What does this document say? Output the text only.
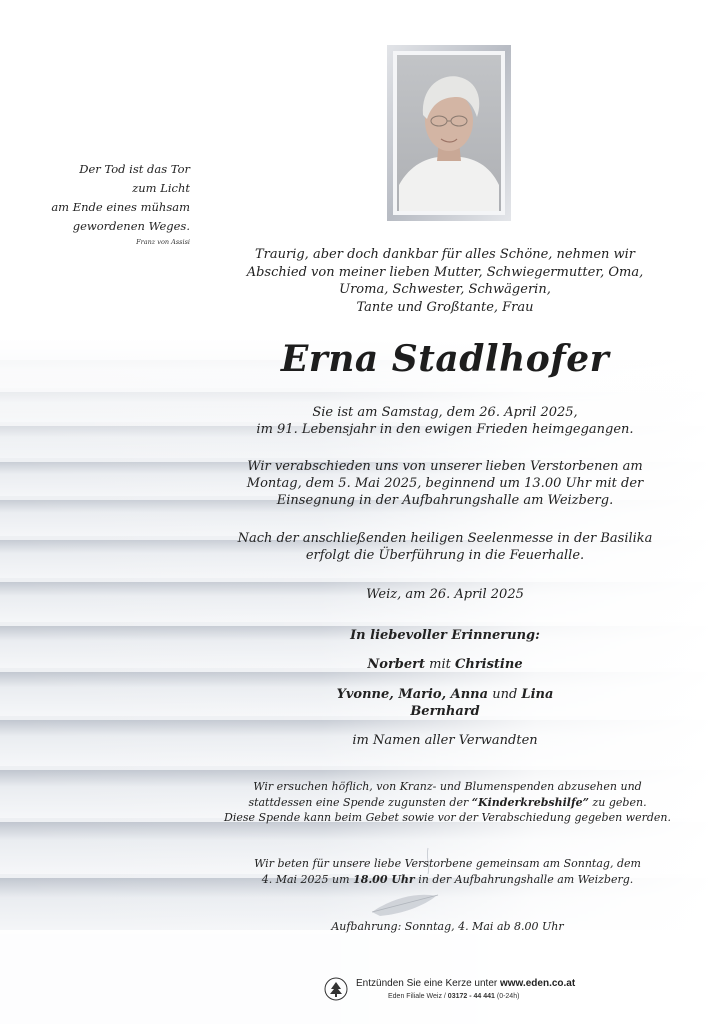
Der Tod ist das Tor
zum Licht
am Ende eines mühsam
gewordenen Weges.
Franz von Assisi
Traurig, aber doch dankbar für alles Schöne, nehmen wir
Abschied von meiner lieben Mutter, Schwiegermutter, Oma,
Uroma, Schwester, Schwägerin,
Tante und Großtante, Frau
Erna Stadlhofer
Sie ist am Samstag, dem 26. April 2025,
im 91. Lebensjahr in den ewigen Frieden heimgegangen.
Wir verabschieden uns von unserer lieben Verstorbenen am
Montag, dem 5. Mai 2025, beginnend um 13.00 Uhr mit der
Einsegnung in der Aufbahrungshalle am Weizberg.
Nach der anschließenden heiligen Seelenmesse in der Basilika
erfolgt die Überführung in die Feuerhalle.
Weiz, am 26. April 2025
In liebevoller Erinnerung:
Norbert mit Christine
Yvonne, Mario, Anna und Lina
Bernhard
im Namen aller Verwandten
Wir ersuchen höflich, von Kranz- und Blumenspenden abzusehen und
stattdessen eine Spende zugunsten der “Kinderkrebshilfe” zu geben.
Diese Spende kann beim Gebet sowie vor der Verabschiedung gegeben werden.
Wir beten für unsere liebe Verstorbene gemeinsam am Sonntag, dem
4. Mai 2025 um 18.00 Uhr in der Aufbahrungshalle am Weizberg.
Aufbahrung: Sonntag, 4. Mai ab 8.00 Uhr
Entzünden Sie eine Kerze unter www.eden.co.at
Eden Filiale Weiz / 03172 - 44 441 (0-24h)
